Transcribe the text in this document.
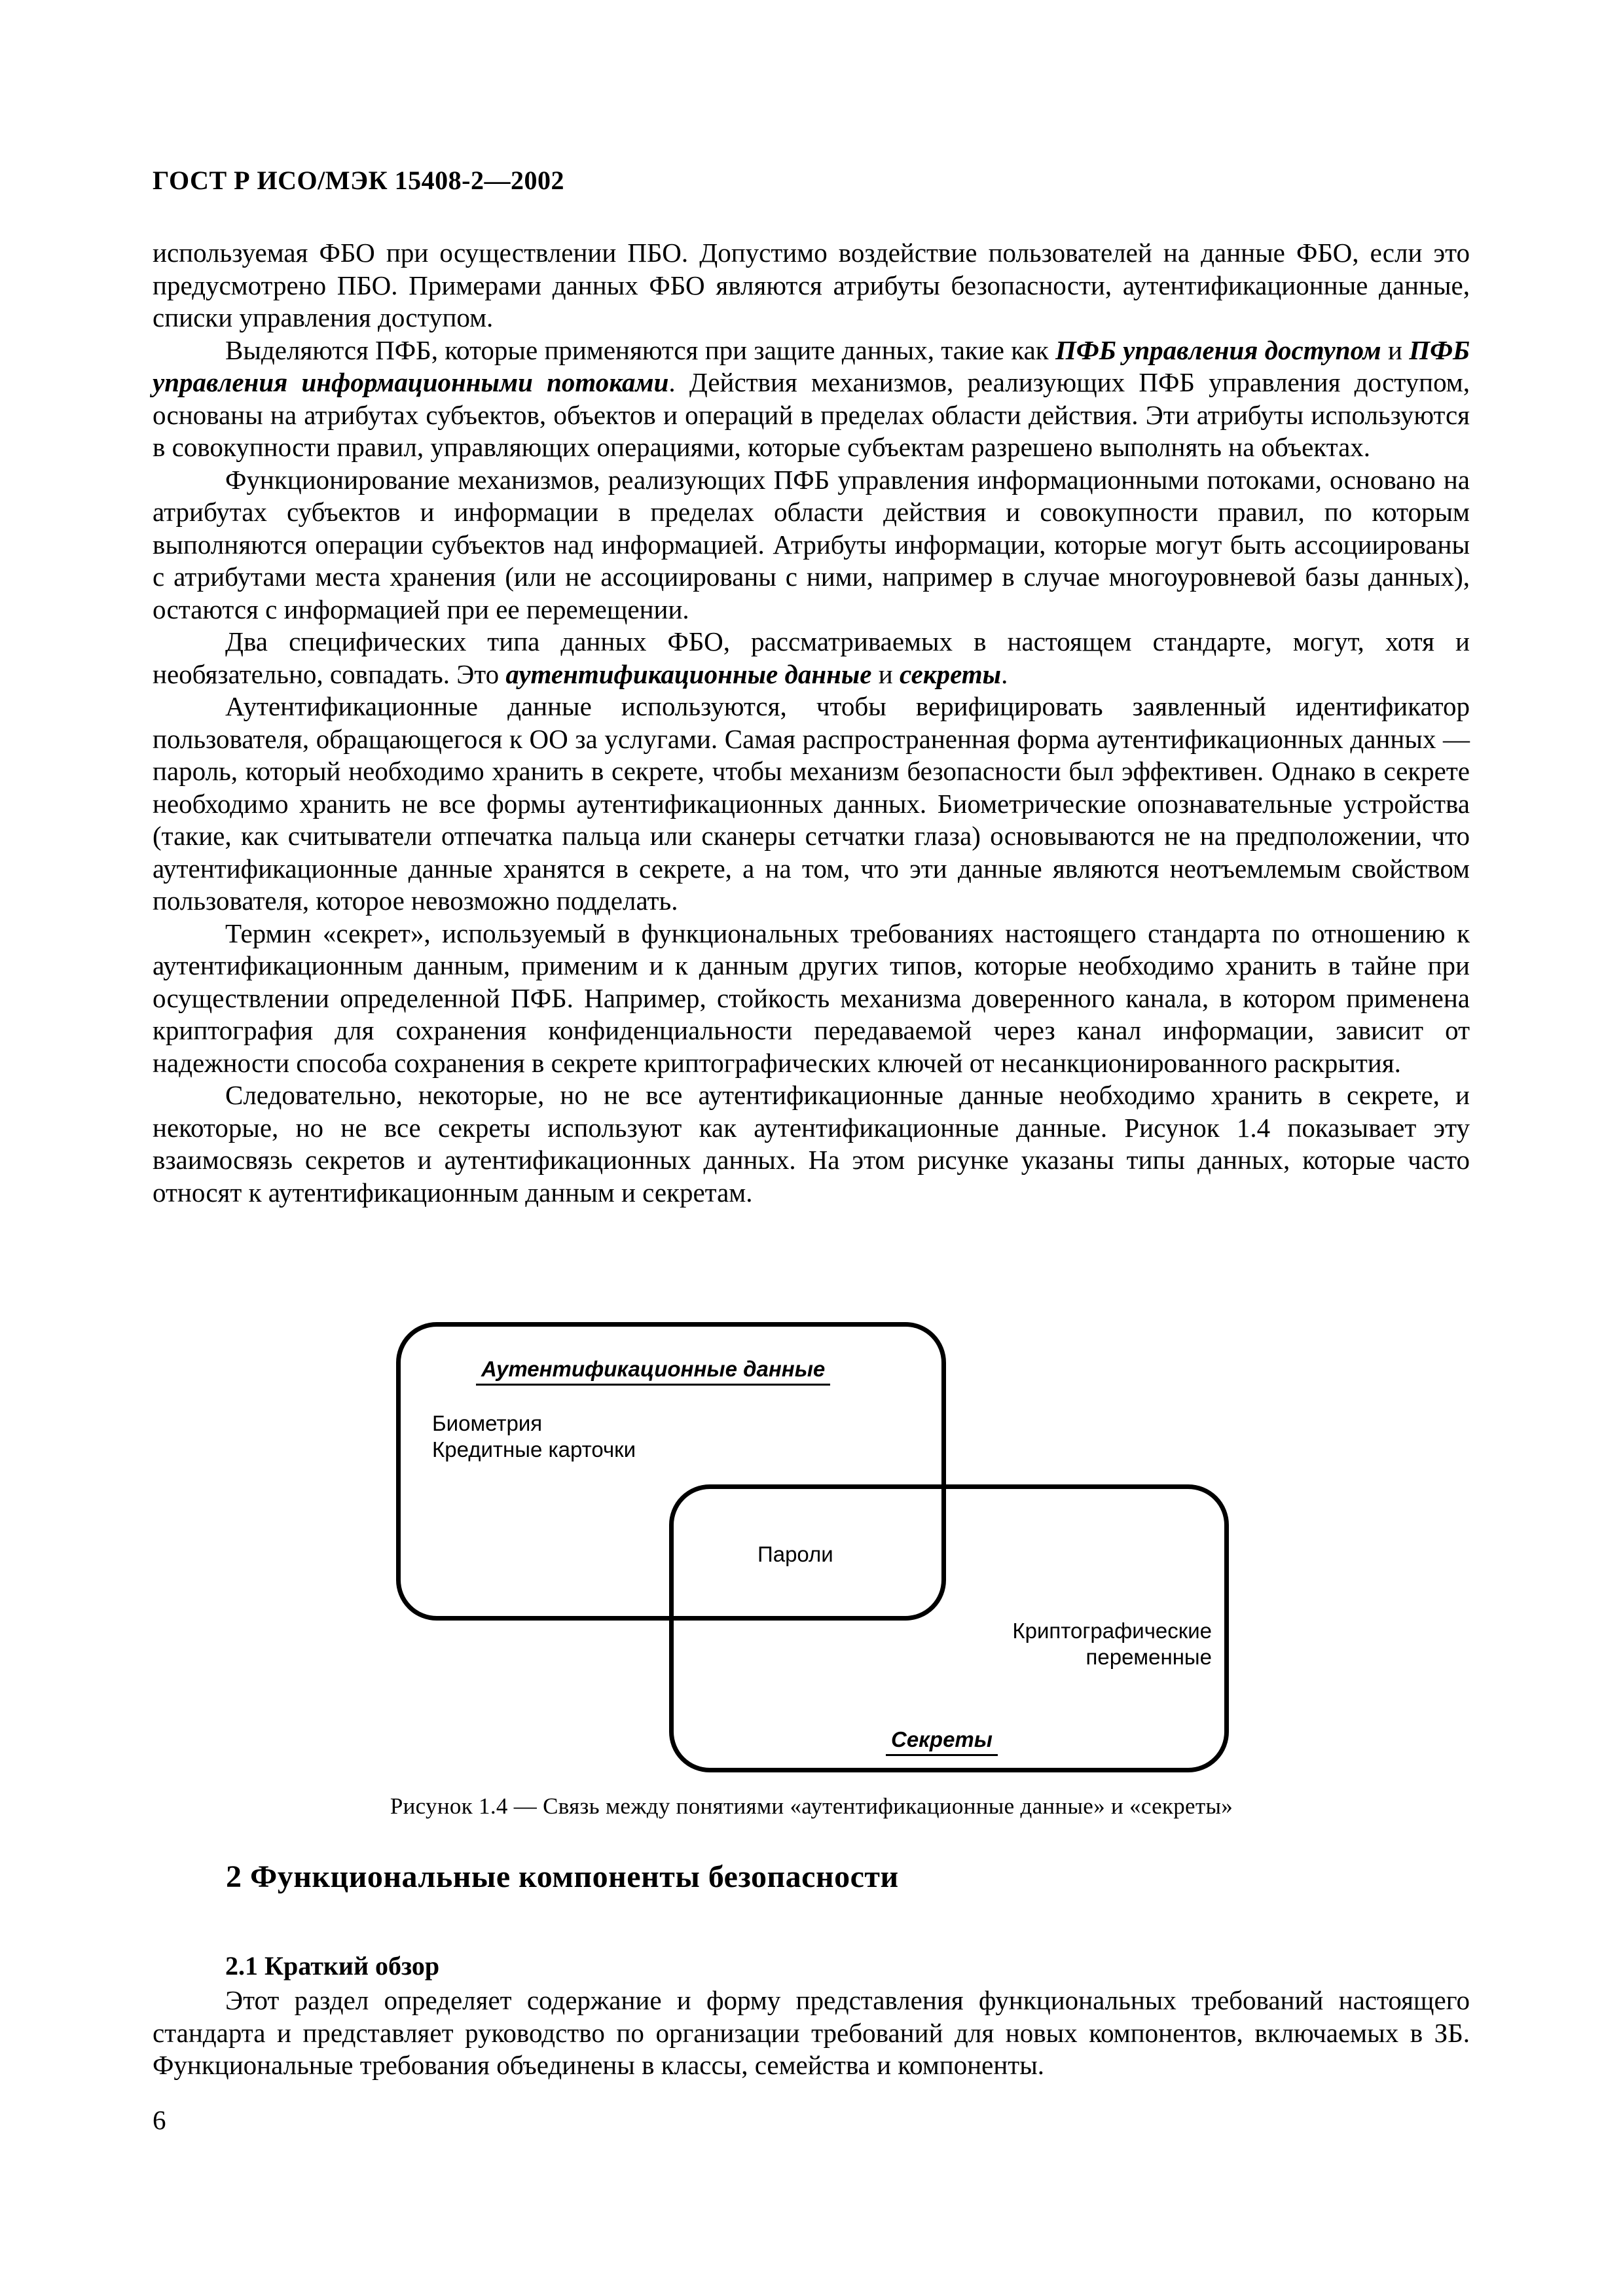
ГОСТ Р ИСО/МЭК 15408-2—2002

используемая ФБО при осуществлении ПБО. Допустимо воздействие пользователей на данные ФБО, если это предусмотрено ПБО. Примерами данных ФБО являются атрибуты безопасности, аутентификационные данные, списки управления доступом.

Выделяются ПФБ, которые применяются при защите данных, такие как ПФБ управления доступом и ПФБ управления информационными потоками. Действия механизмов, реализующих ПФБ управления доступом, основаны на атрибутах субъектов, объектов и операций в пределах области действия. Эти атрибуты используются в совокупности правил, управляющих операциями, которые субъектам разрешено выполнять на объектах.

Функционирование механизмов, реализующих ПФБ управления информационными потоками, основано на атрибутах субъектов и информации в пределах области действия и совокупности правил, по которым выполняются операции субъектов над информацией. Атрибуты информации, которые могут быть ассоциированы с атрибутами места хранения (или не ассоциированы с ними, например в случае многоуровневой базы данных), остаются с информацией при ее перемещении.

Два специфических типа данных ФБО, рассматриваемых в настоящем стандарте, могут, хотя и необязательно, совпадать. Это аутентификационные данные и секреты.

Аутентификационные данные используются, чтобы верифицировать заявленный идентификатор пользователя, обращающегося к ОО за услугами. Самая распространенная форма аутентификационных данных — пароль, который необходимо хранить в секрете, чтобы механизм безопасности был эффективен. Однако в секрете необходимо хранить не все формы аутентификационных данных. Биометрические опознавательные устройства (такие, как считыватели отпечатка пальца или сканеры сетчатки глаза) основываются не на предположении, что аутентификационные данные хранятся в секрете, а на том, что эти данные являются неотъемлемым свойством пользователя, которое невозможно подделать.

Термин «секрет», используемый в функциональных требованиях настоящего стандарта по отношению к аутентификационным данным, применим и к данным других типов, которые необходимо хранить в тайне при осуществлении определенной ПФБ. Например, стойкость механизма доверенного канала, в котором применена криптография для сохранения конфиденциальности передаваемой через канал информации, зависит от надежности способа сохранения в секрете криптографических ключей от несанкционированного раскрытия.

Следовательно, некоторые, но не все аутентификационные данные необходимо хранить в секрете, и некоторые, но не все секреты используют как аутентификационные данные. Рисунок 1.4 показывает эту взаимосвязь секретов и аутентификационных данных. На этом рисунке указаны типы данных, которые часто относят к аутентификационным данным и секретам.

Аутентификационные данные
Биометрия
Кредитные карточки
Пароли
Криптографические
переменные
Секреты
Рисунок 1.4 — Связь между понятиями «аутентификационные данные» и «секреты»
2 Функциональные компоненты безопасности
2.1 Краткий обзор

Этот раздел определяет содержание и форму представления функциональных требований настоящего стандарта и представляет руководство по организации требований для новых компонентов, включаемых в ЗБ. Функциональные требования объединены в классы, семейства и компоненты.

6
